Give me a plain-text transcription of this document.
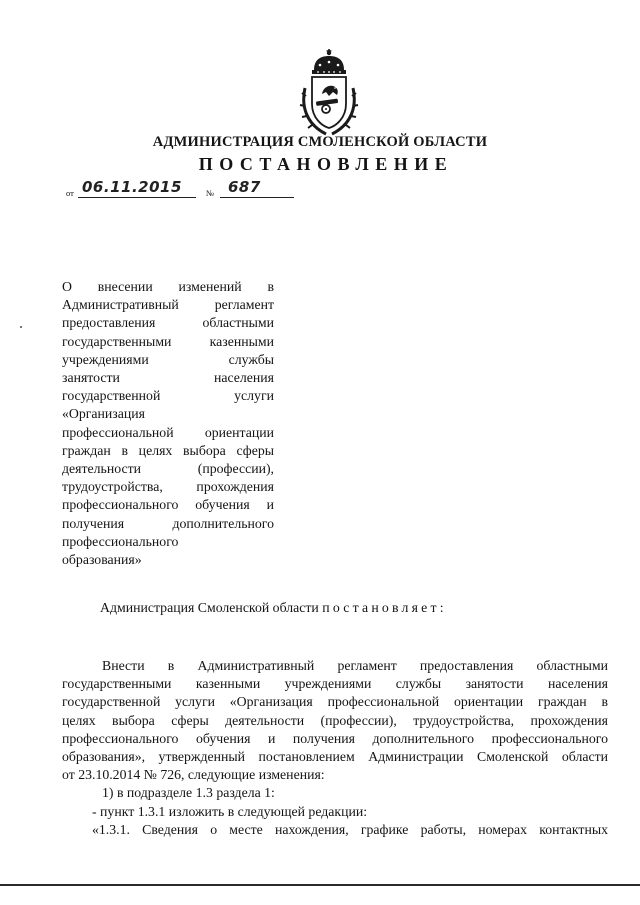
АДМИНИСТРАЦИЯ СМОЛЕНСКОЙ ОБЛАСТИ
ПОСТАНОВЛЕНИЕ
от 06.11.2015	№ 687
О внесении изменений в
Административный регламент
предоставления областными
государственными казенными
учреждениями службы
занятости населения
государственной услуги
«Организация
профессиональной ориентации
граждан в целях выбора сферы
деятельности (профессии),
трудоустройства, прохождения
профессионального обучения и
получения дополнительного
профессионального
образования»
Администрация Смоленской области постановляет:
Внести в Административный регламент предоставления областными
государственными казенными учреждениями службы занятости населения
государственной услуги «Организация профессиональной ориентации граждан в
целях выбора сферы деятельности (профессии), трудоустройства, прохождения
профессионального обучения и получения дополнительного профессионального
образования», утвержденный постановлением Администрации Смоленской области
от 23.10.2014 № 726, следующие изменения:
1) в подразделе 1.3 раздела 1:
- пункт 1.3.1 изложить в следующей редакции:
«1.3.1. Сведения о месте нахождения, графике работы, номерах контактных
